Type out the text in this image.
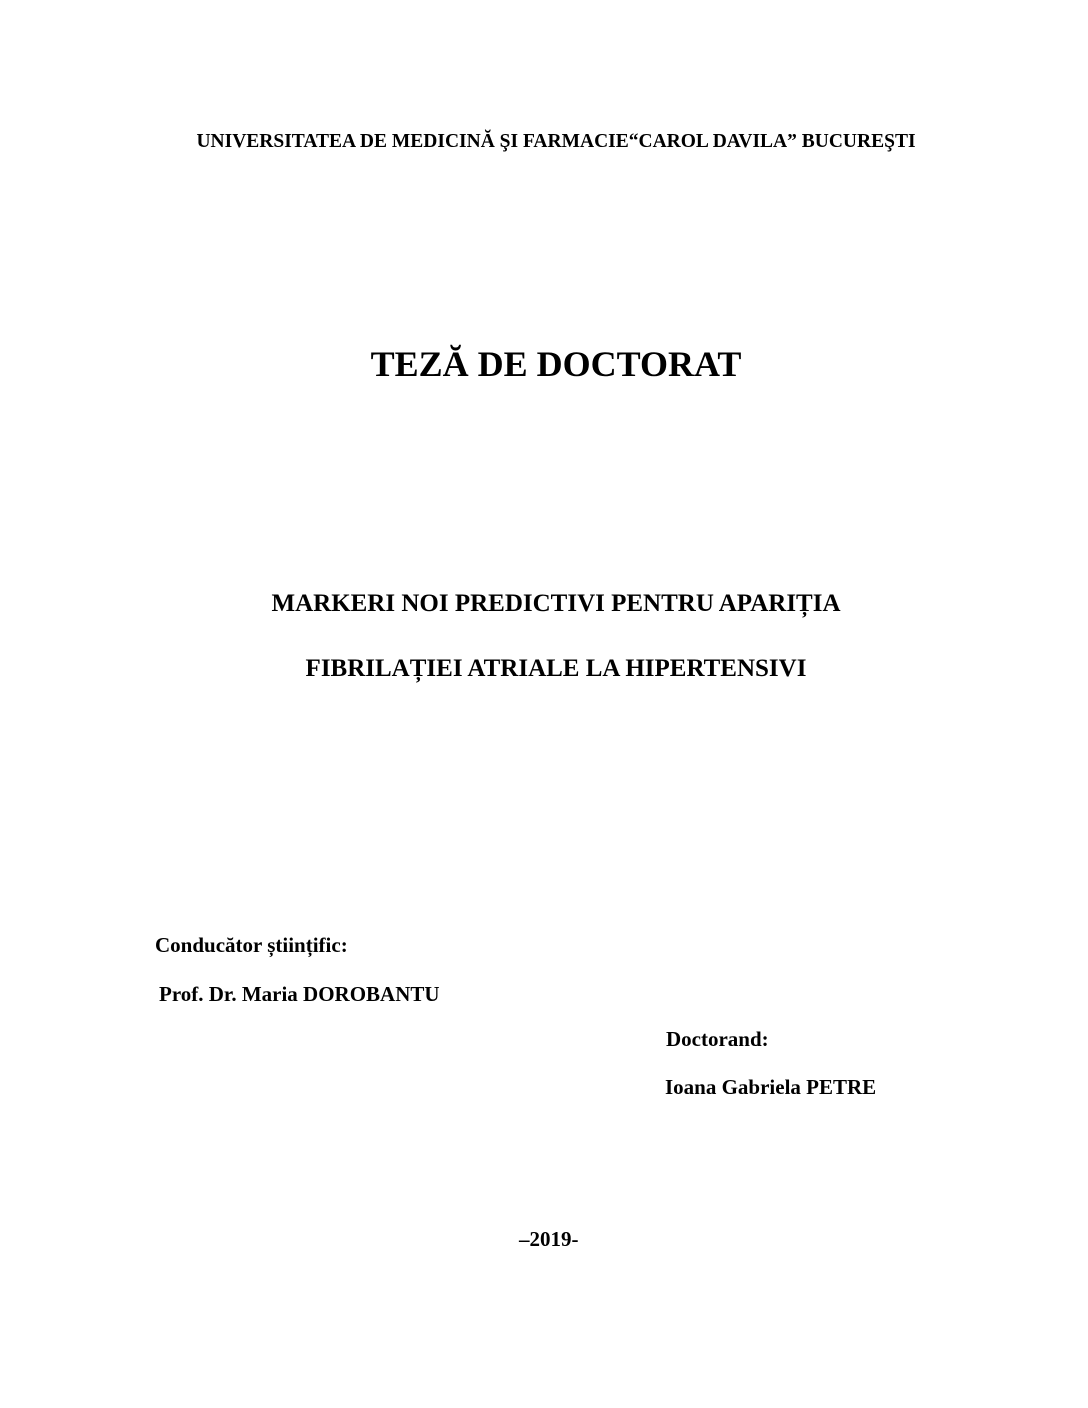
UNIVERSITATEA DE MEDICINĂ ŞI FARMACIE“CAROL DAVILA” BUCUREŞTI
TEZĂ DE DOCTORAT
MARKERI NOI PREDICTIVI PENTRU APARIȚIA
FIBRILAȚIEI ATRIALE LA HIPERTENSIVI
Conducător științific:
Prof. Dr. Maria DOROBANTU
Doctorand:
Ioana Gabriela PETRE
–2019-
